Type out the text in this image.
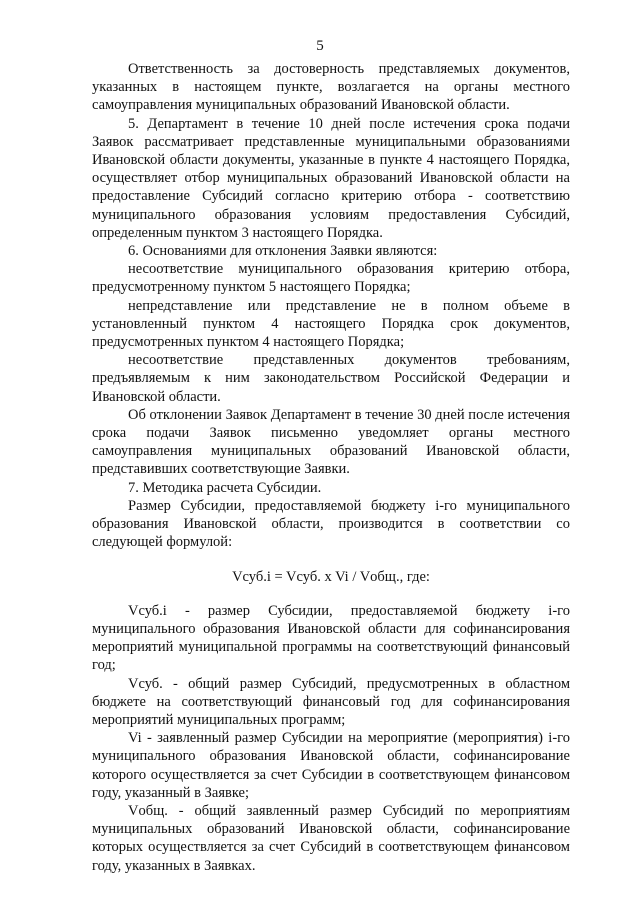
5

Ответственность за достоверность представляемых документов, указанных в настоящем пункте, возлагается на органы местного самоуправления муниципальных образований Ивановской области.

5. Департамент в течение 10 дней после истечения срока подачи Заявок рассматривает представленные муниципальными образованиями Ивановской области документы, указанные в пункте 4 настоящего Порядка, осуществляет отбор муниципальных образований Ивановской области на предоставление Субсидий согласно критерию отбора - соответствию муниципального образования условиям предоставления Субсидий, определенным пунктом 3 настоящего Порядка.

6. Основаниями для отклонения Заявки являются:

несоответствие муниципального образования критерию отбора, предусмотренному пунктом 5 настоящего Порядка;

непредставление или представление не в полном объеме в установленный пунктом 4 настоящего Порядка срок документов, предусмотренных пунктом 4 настоящего Порядка;

несоответствие представленных документов требованиям, предъявляемым к ним законодательством Российской Федерации и Ивановской области.

Об отклонении Заявок Департамент в течение 30 дней после истечения срока подачи Заявок письменно уведомляет органы местного самоуправления муниципальных образований Ивановской области, представивших соответствующие Заявки.

7. Методика расчета Субсидии.

Размер Субсидии, предоставляемой бюджету i-го муниципального образования Ивановской области, производится в соответствии со следующей формулой:

Vсуб.i = Vсуб. x Vi / Vобщ., где:

Vсуб.i - размер Субсидии, предоставляемой бюджету i-го муниципального образования Ивановской области для софинансирования мероприятий муниципальной программы на соответствующий финансовый год;

Vсуб. - общий размер Субсидий, предусмотренных в областном бюджете на соответствующий финансовый год для софинансирования мероприятий муниципальных программ;

Vi - заявленный размер Субсидии на мероприятие (мероприятия) i-го муниципального образования Ивановской области, софинансирование которого осуществляется за счет Субсидии в соответствующем финансовом году, указанный в Заявке;

Vобщ. - общий заявленный размер Субсидий по мероприятиям муниципальных образований Ивановской области, софинансирование которых осуществляется за счет Субсидий в соответствующем финансовом году, указанных в Заявках.
